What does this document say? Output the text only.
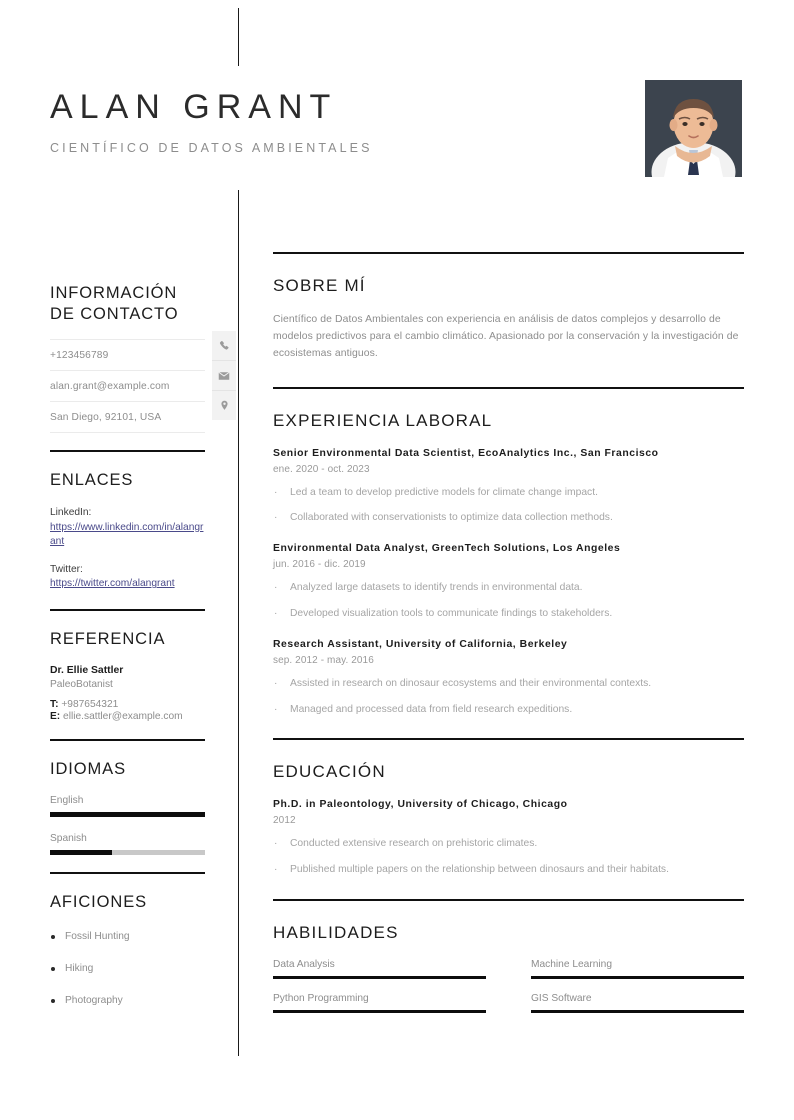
ALAN GRANT
CIENTÍFICO DE DATOS AMBIENTALES
INFORMACIÓN
DE CONTACTO
+123456789
alan.grant@example.com
San Diego, 92101, USA
ENLACES
LinkedIn:
https://www.linkedin.com/in/alangrant
Twitter:
https://twitter.com/alangrant
REFERENCIA
Dr. Ellie Sattler
PaleoBotanist
T: +987654321
E: ellie.sattler@example.com
IDIOMAS
English
Spanish
AFICIONES
Fossil Hunting
Hiking
Photography
SOBRE MÍ
Científico de Datos Ambientales con experiencia en análisis de datos complejos y desarrollo de modelos predictivos para el cambio climático. Apasionado por la conservación y la investigación de ecosistemas antiguos.
EXPERIENCIA LABORAL
Senior Environmental Data Scientist, EcoAnalytics Inc., San Francisco
ene. 2020 - oct. 2023
· Led a team to develop predictive models for climate change impact.
· Collaborated with conservationists to optimize data collection methods.
Environmental Data Analyst, GreenTech Solutions, Los Angeles
jun. 2016 - dic. 2019
· Analyzed large datasets to identify trends in environmental data.
· Developed visualization tools to communicate findings to stakeholders.
Research Assistant, University of California, Berkeley
sep. 2012 - may. 2016
· Assisted in research on dinosaur ecosystems and their environmental contexts.
· Managed and processed data from field research expeditions.
EDUCACIÓN
Ph.D. in Paleontology, University of Chicago, Chicago
2012
· Conducted extensive research on prehistoric climates.
· Published multiple papers on the relationship between dinosaurs and their habitats.
HABILIDADES
Data Analysis	Machine Learning
Python Programming	GIS Software
